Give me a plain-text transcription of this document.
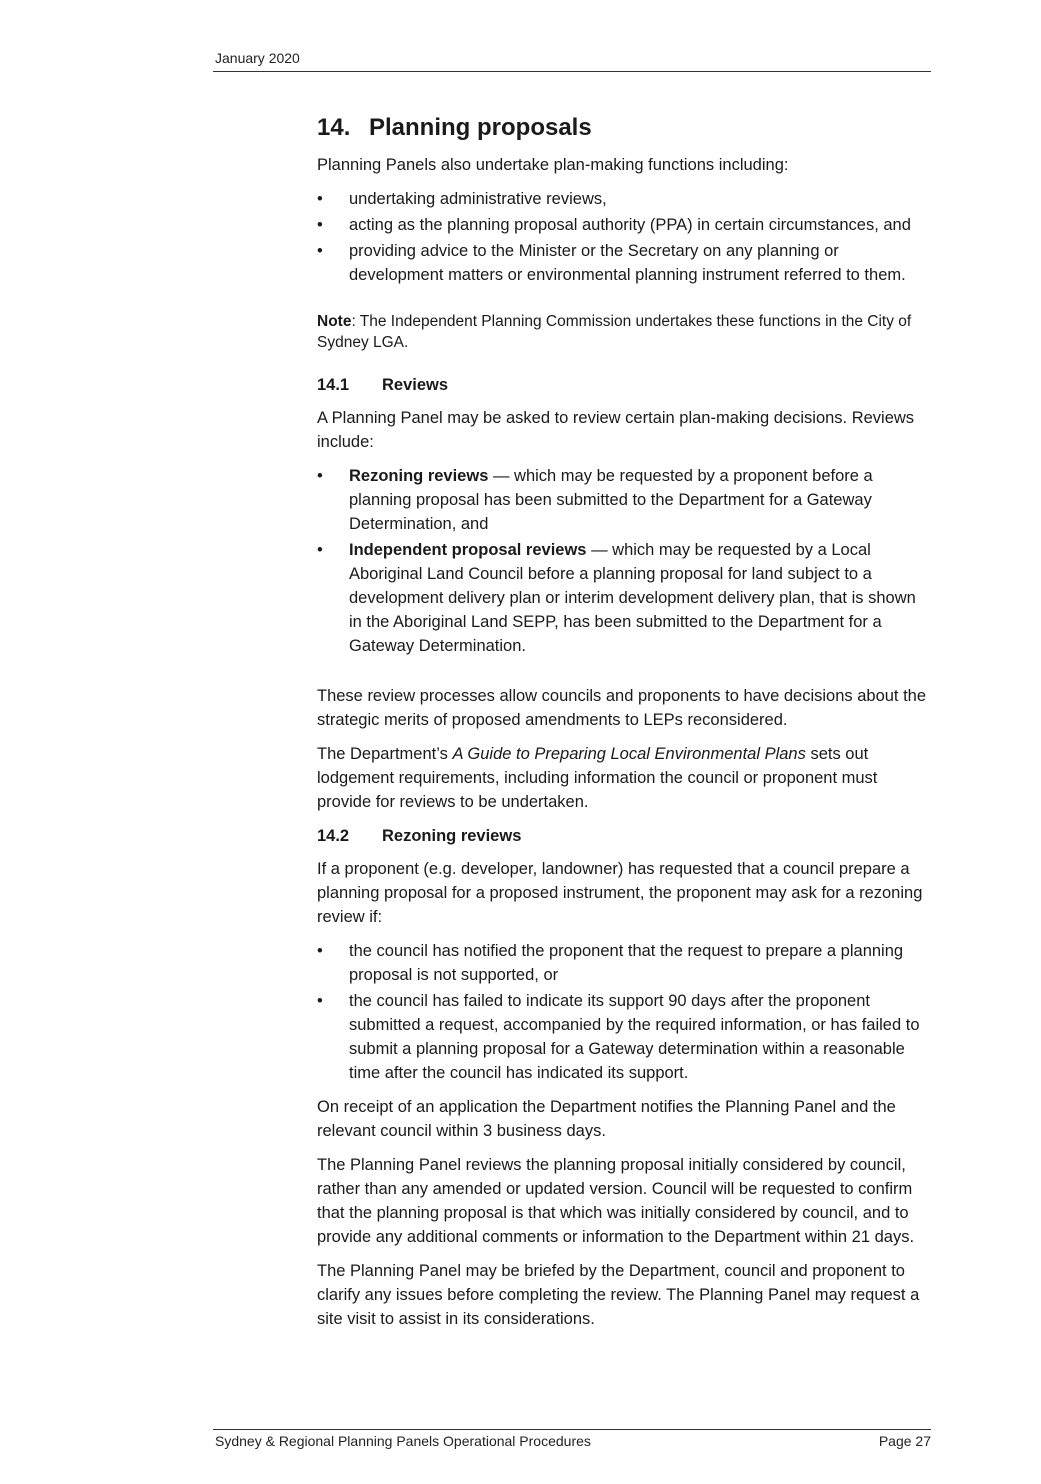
January 2020
14. Planning proposals

Planning Panels also undertake plan-making functions including:

• undertaking administrative reviews,
• acting as the planning proposal authority (PPA) in certain circumstances, and
• providing advice to the Minister or the Secretary on any planning or development matters or environmental planning instrument referred to them.

Note: The Independent Planning Commission undertakes these functions in the City of Sydney LGA.

14.1 Reviews

A Planning Panel may be asked to review certain plan-making decisions. Reviews include:

• Rezoning reviews — which may be requested by a proponent before a planning proposal has been submitted to the Department for a Gateway Determination, and
• Independent proposal reviews — which may be requested by a Local Aboriginal Land Council before a planning proposal for land subject to a development delivery plan or interim development delivery plan, that is shown in the Aboriginal Land SEPP, has been submitted to the Department for a Gateway Determination.

These review processes allow councils and proponents to have decisions about the strategic merits of proposed amendments to LEPs reconsidered.

The Department’s A Guide to Preparing Local Environmental Plans sets out lodgement requirements, including information the council or proponent must provide for reviews to be undertaken.

14.2 Rezoning reviews

If a proponent (e.g. developer, landowner) has requested that a council prepare a planning proposal for a proposed instrument, the proponent may ask for a rezoning review if:

• the council has notified the proponent that the request to prepare a planning proposal is not supported, or
• the council has failed to indicate its support 90 days after the proponent submitted a request, accompanied by the required information, or has failed to submit a planning proposal for a Gateway determination within a reasonable time after the council has indicated its support.

On receipt of an application the Department notifies the Planning Panel and the relevant council within 3 business days.

The Planning Panel reviews the planning proposal initially considered by council, rather than any amended or updated version. Council will be requested to confirm that the planning proposal is that which was initially considered by council, and to provide any additional comments or information to the Department within 21 days.

The Planning Panel may be briefed by the Department, council and proponent to clarify any issues before completing the review. The Planning Panel may request a site visit to assist in its considerations.

Sydney & Regional Planning Panels Operational Procedures	Page 27
